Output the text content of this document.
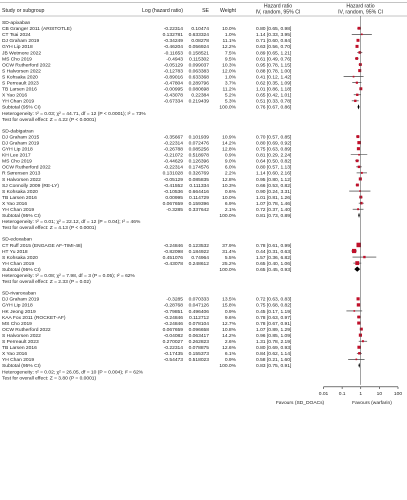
Study or subgroup	Log (hazard ratio)	SE Weight
Hazard ratio
IV, random, 95% CI
Hazard ratio
IV, random, 95% CI
SD-apixaban
CB Granger 2011 (ARISTOTLE)	-0.22314 0.10474	10.0%	0.80 [0.65, 0.98]
CT Tsai 2024	0.132781 0.633324	1.0%	1.14 [0.33, 3.95]
DJ Graham 2019	-0.34249 0.08278	11.1%	0.71 [0.60, 0.84]
GYH Lip 2018	-0.46204 0.056924	12.2%	0.63 [0.56, 0.70]
JB Wetmore 2022	-0.11653 0.158521	7.5%	0.89 [0.65, 1.21]
MS Cho 2019	-0.4943 0.115302	9.5%	0.61 [0.49, 0.76]
OCW Rutherford 2022	-0.05129 0.099037	10.3%	0.95 [0.78, 1.15]
S Halvorsen 2022	-0.12783 0.063383	12.0%	0.88 [0.78, 1.00]
S Kohsaka 2020	-0.89016 0.633368	1.0%	0.41 [0.12, 1.42]
S Perreault 2023	-0.47804 0.289796	3.7%	0.62 [0.35, 1.09]
TB Larsen 2016	-0.00995 0.080698	11.2%	1.01 [0.86, 1.18]
X Yao 2016	-0.43078 0.22384	5.2%	0.65 [0.42, 1.01]
YH Chan 2019	-0.67334 0.219439	5.3%	0.51 [0.33, 0.78]
Subtotal (95% CI)	100.0%	0.76 [0.67, 0.86]
Heterogeneity: τ² = 0.03; χ² = 44.71, df = 12 (P < 0.0001); I² = 73%
Test for overall effect: Z = 4.22 (P < 0.0001)
SD-dabigatran
DJ Graham 2015	-0.35667 0.101939	10.9%	0.70 [0.57, 0.85]
DJ Graham 2019	-0.22314 0.072476	14.2%	0.80 [0.69, 0.92]
GYH Lip 2018	-0.26788 0.085256	12.8%	0.75 [0.63, 0.89]
KH Lee 2017	-0.21072 0.518978	0.9%	0.81 [0.29, 2.24]
MS Cho 2019	-0.44629 0.126396	9.0%	0.64 [0.50, 0.82]
OCW Rutherford 2022	-0.22314 0.174576	6.0%	0.80 [0.57, 1.13]
R Sørensen 2013	0.131028 0.326769	2.2%	1.14 [0.60, 2.16]
S Halvorsen 2022	-0.05129 0.085835	12.8%	0.95 [0.80, 1.12]
SJ Connolly 2009 (RE-LY)	-0.41552 0.111334	10.3%	0.66 [0.53, 0.82]
S Kohsaka 2020	-0.10536 0.664416	0.6%	0.90 [0.24, 3.31]
TB Larsen 2016	0.00995 0.114729	10.0%	1.01 [0.81, 1.26]
X Yao 2016	0.067659 0.159396	6.9%	1.07 [0.78, 1.46]
YH Chan 2019	-0.3285 0.337642	2.1%	0.72 [0.37, 1.40]
Subtotal (95% CI)	100.0%	0.81 [0.73, 0.89]
Heterogeneity: τ² = 0.01; χ² = 22.12, df = 12 (P = 0.04); I² = 46%
Test for overall effect: Z = 4.13 (P < 0.0001)
SD-edoxaban
CT Ruff 2015 (ENGAGE AF-TIMI-48)	-0.24846 0.123532	37.9%	0.78 [0.61, 0.99]
HT Yu 2018	-0.82098 0.184922	31.4%	0.44 [0.31, 0.63]
S Kohsaka 2020	0.451076 0.74964	5.5%	1.57 [0.36, 6.82]
YH Chan 2019	-0.43078 0.248612	25.2%	0.65 [0.40, 1.06]
Subtotal (95% CI)	100.0%	0.65 [0.45, 0.93]
Heterogeneity: τ² = 0.08; χ² = 7.98, df = 3 (P = 0.05); I² = 62%
Test for overall effect: Z = 2.33 (P = 0.02)
SD-rivaroxaban
DJ Graham 2019	-0.3285 0.070333	13.5%	0.72 [0.63, 0.83]
GYH Lip 2018	-0.28768 0.047126	15.8%	0.75 [0.68, 0.82]
HK Jeong 2019	-0.79851 0.496406	0.9%	0.45 [0.17, 1.19]
KAA Fox 2011 (ROCKET-AF)	-0.24846 0.112712	9.6%	0.78 [0.63, 0.97]
MS Cho 2019	-0.24846 0.078104	12.7%	0.78 [0.67, 0.91]
OCW Rutherford 2022	0.067659 0.096658	10.8%	1.07 [0.89, 1.29]
S Halvorsen 2022	-0.04082 0.063417	14.2%	0.96 [0.85, 1.09]
S Perreault 2023	0.270027 0.262823	2.6%	1.31 [0.78, 2.19]
TB Larsen 2016	-0.22314 0.078875	12.6%	0.80 [0.69, 0.93]
X Yao 2016	-0.17435 0.155373	6.1%	0.84 [0.62, 1.14]
YH Chan 2019	-0.54473 0.518023	0.9%	0.58 [0.21, 1.60]
Subtotal (95% CI)	100.0%	0.83 [0.75, 0.91]
Heterogeneity: τ² = 0.02; χ² = 26.05, df = 10 (P = 0.004); I² = 62%
Test for overall effect: Z = 3.80 (P = 0.0001)
0.01 0.1	1	10 100
Favours (SD_DOACs)	Favours (warfarin)
